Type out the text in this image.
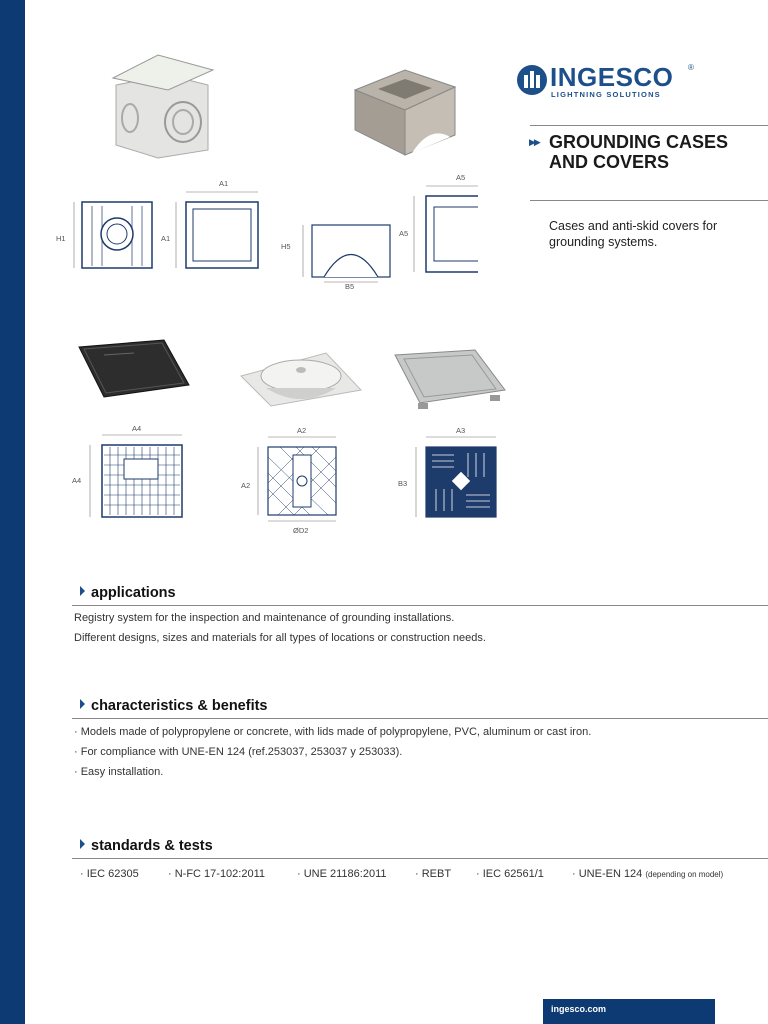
INGESCO
LIGHTNING SOLUTIONS
®
▶▶ GROUNDING CASES AND COVERS
Cases and anti-skid covers for grounding systems.
H1
A1
A1
H5
B5
A5
A5
A4
A4
A2
A2
ØD2
B3
A3
applications
Registry system for the inspection and maintenance of grounding installations.
Different designs, sizes and materials for all types of locations or construction needs.
characteristics & benefits
· Models made of polypropylene or concrete, with lids made of polypropylene, PVC, aluminum or cast iron.
· For compliance with UNE-EN 124 (ref.253037, 253037 y 253033).
· Easy installation.
standards & tests
· IEC 62305	· N-FC 17-102:2011	· UNE 21186:2011	· REBT · IEC 62561/1	· UNE-EN 124 (depending on model)
ingesco.com
